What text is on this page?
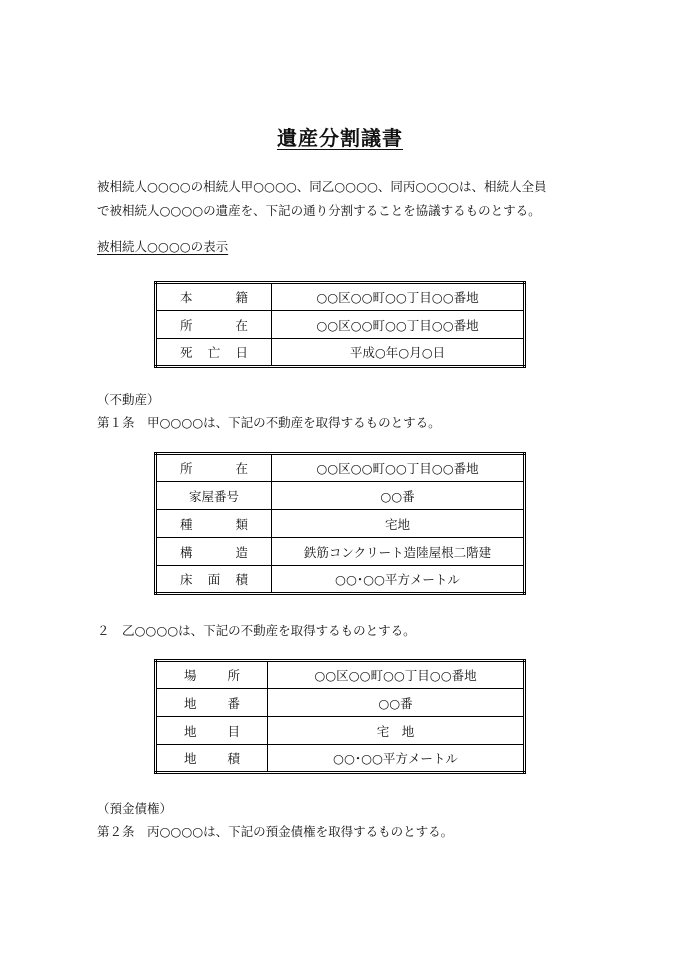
遺産分割議書
被相続人○○○○の相続人甲○○○○、同乙○○○○、同丙○○○○は、相続人全員
で被相続人○○○○の遺産を、下記の通り分割することを協議するものとする。
被相続人○○○○の表示
本 籍	○○区○○町○○丁目○○番地

所 在	○○区○○町○○丁目○○番地

死 亡 日	平成○年○月○日
（不動産）
第１条　甲○○○○は、下記の不動産を取得するものとする。
所 在	○○区○○町○○丁目○○番地

家屋番号	○○番

種 類	宅地

構 造	鉄筋コンクリート造陸屋根二階建

床 面 積	○○･○○平方メートル
２　乙○○○○は、下記の不動産を取得するものとする。
場 所	○○区○○町○○丁目○○番地

地 番	○○番

地 目	宅　地

地 積	○○･○○平方メートル
（預金債権）
第２条　丙○○○○は、下記の預金債権を取得するものとする。
